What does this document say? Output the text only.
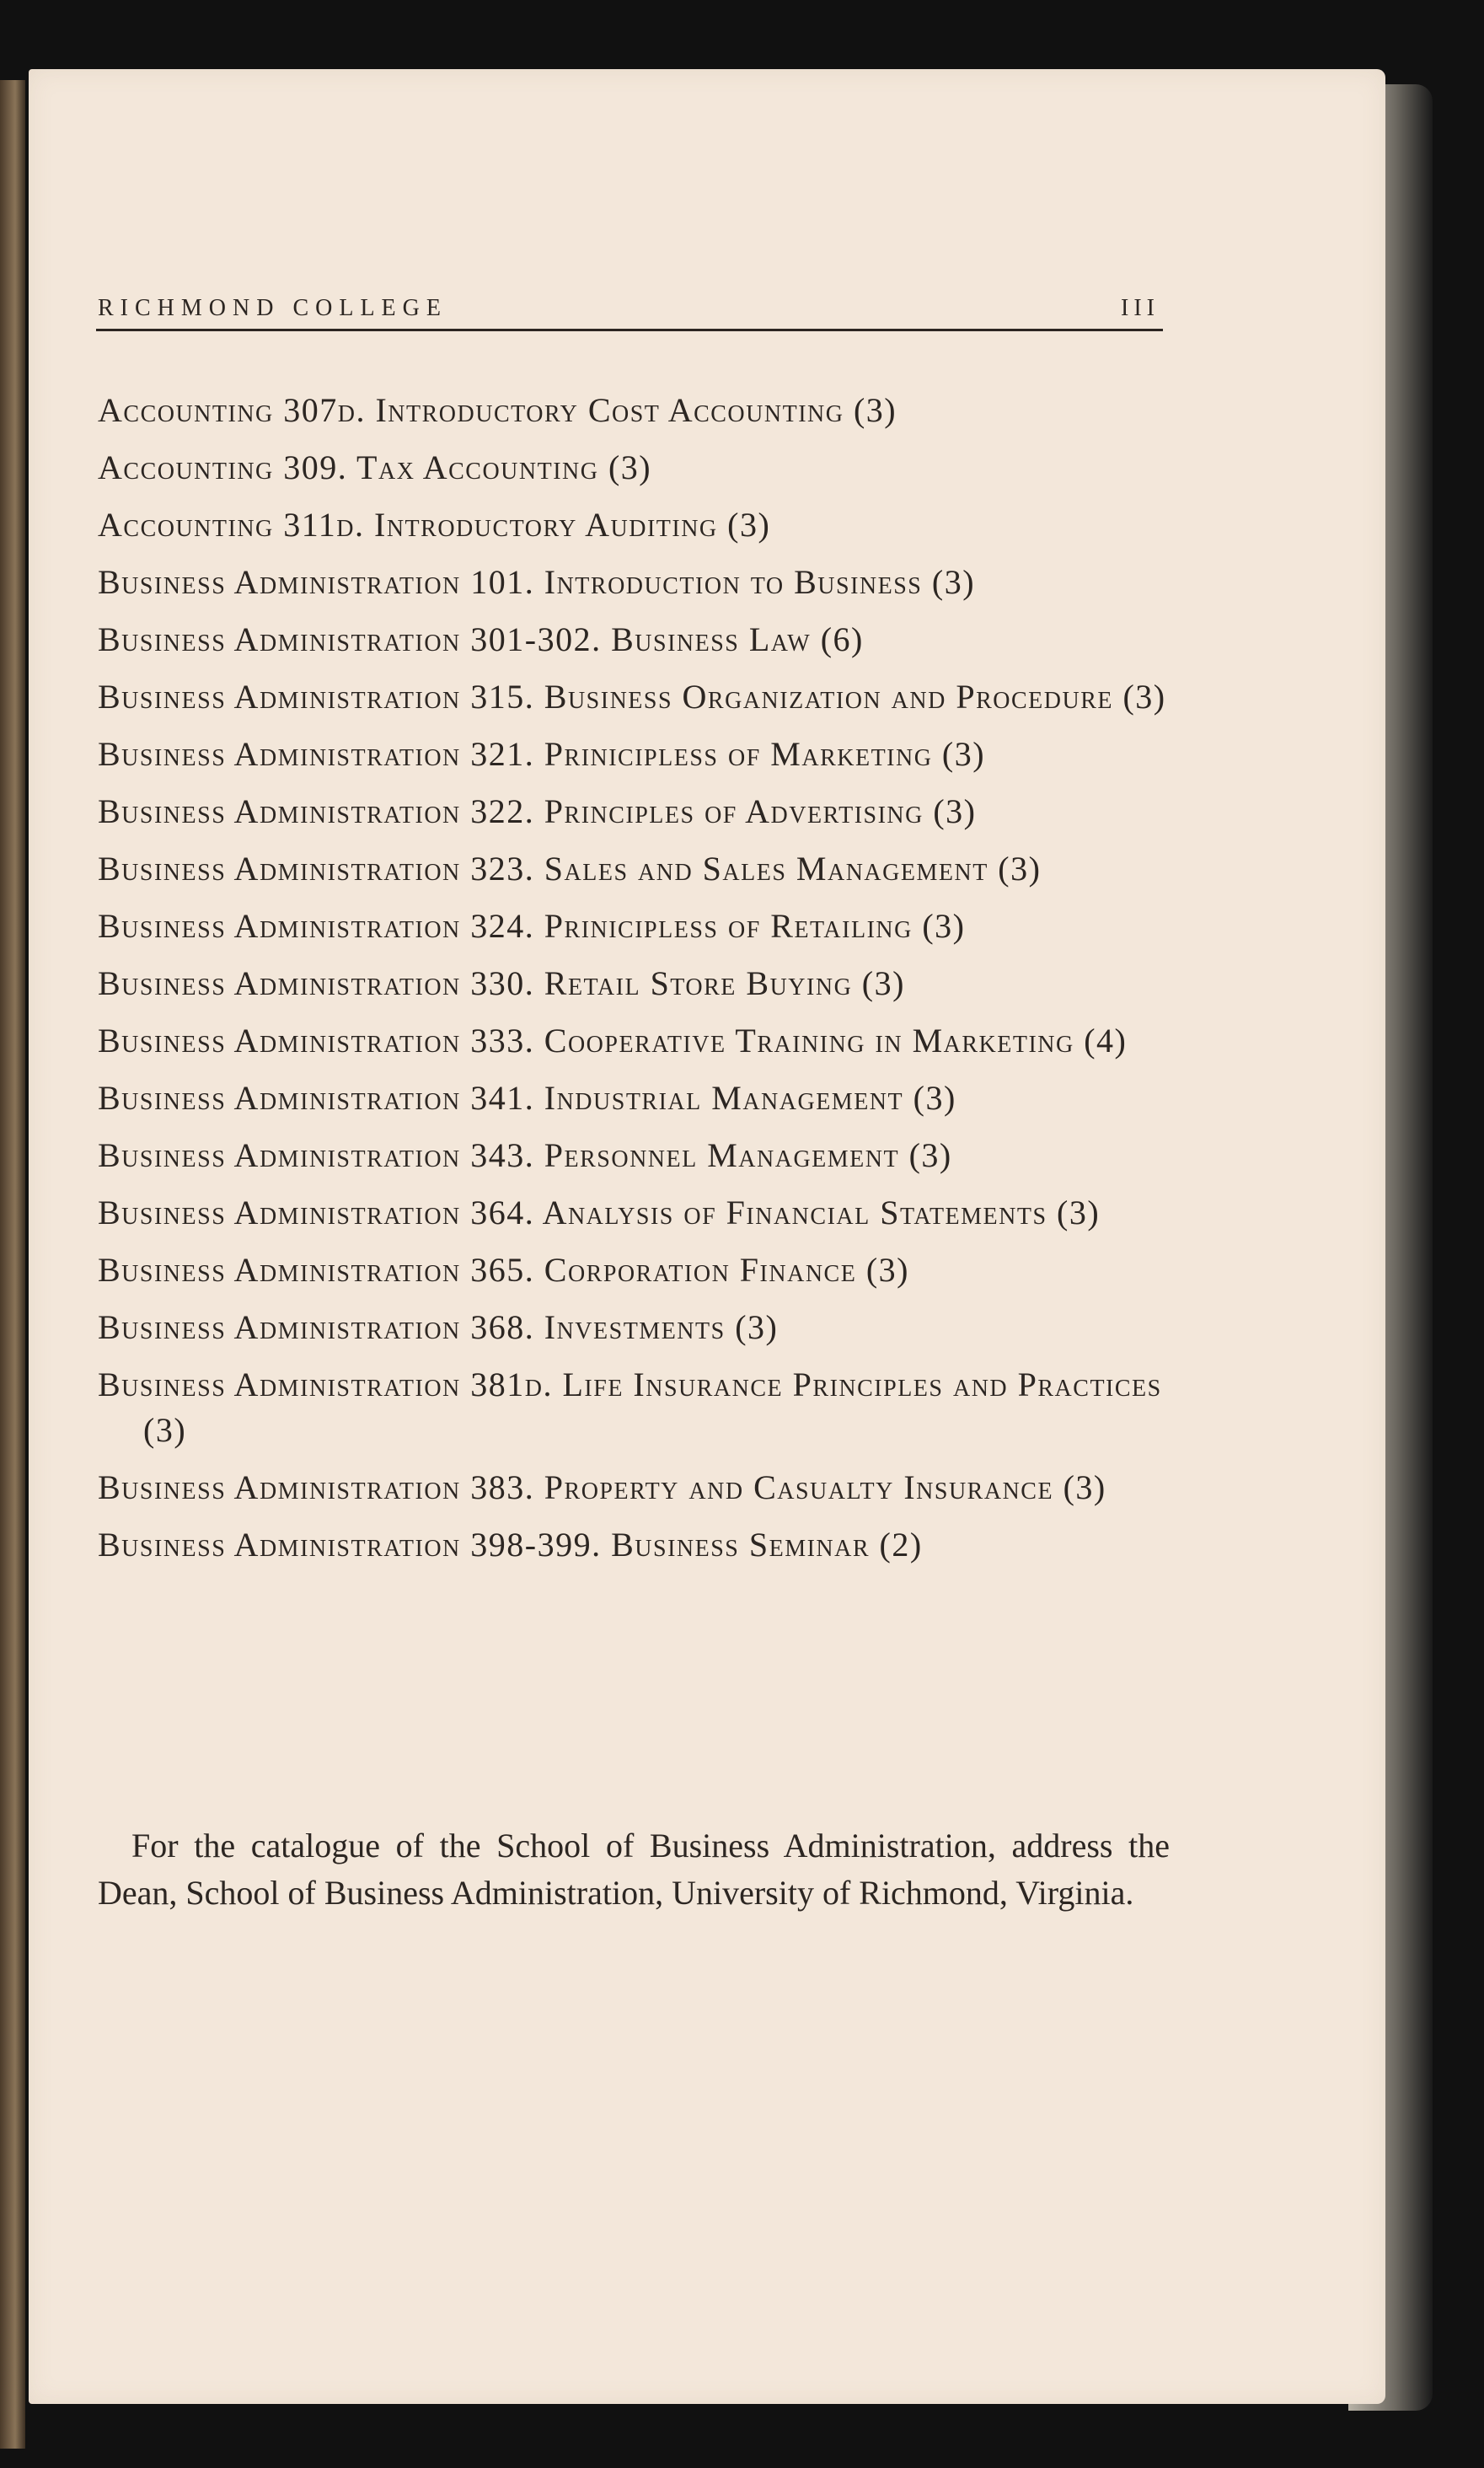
RICHMOND COLLEGE	III
Accounting 307d. Introductory Cost Accounting (3)
Accounting 309. Tax Accounting (3)
Accounting 311d. Introductory Auditing (3)
Business Administration 101. Introduction to Business (3)
Business Administration 301-302. Business Law (6)
Business Administration 315. Business Organization and Procedure (3)
Business Administration 321. Prinicipless of Marketing (3)
Business Administration 322. Principles of Advertising (3)
Business Administration 323. Sales and Sales Management (3)
Business Administration 324. Prinicipless of Retailing (3)
Business Administration 330. Retail Store Buying (3)
Business Administration 333. Cooperative Training in Marketing (4)
Business Administration 341. Industrial Management (3)
Business Administration 343. Personnel Management (3)
Business Administration 364. Analysis of Financial Statements (3)
Business Administration 365. Corporation Finance (3)
Business Administration 368. Investments (3)
Business Administration 381d. Life Insurance Principles and Practices (3)
Business Administration 383. Property and Casualty Insurance (3)
Business Administration 398-399. Business Seminar (2)

For the catalogue of the School of Business Administration, address the Dean, School of Business Administration, University of Richmond, Virginia.
